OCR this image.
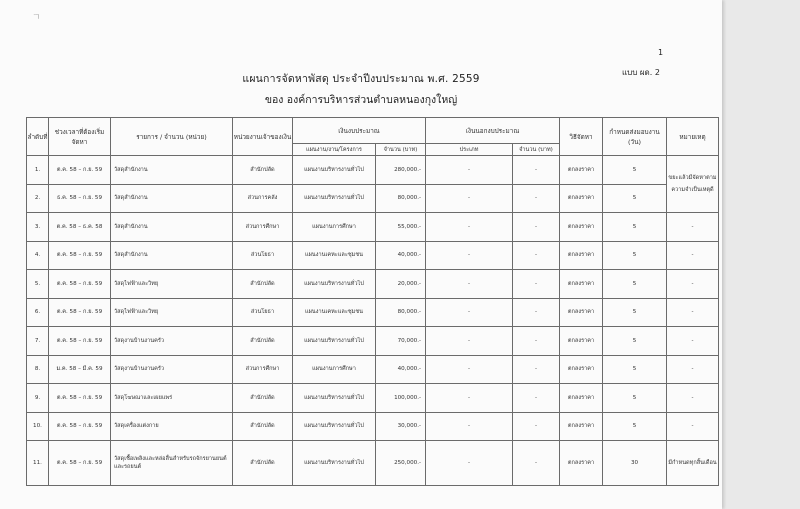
ㄱ
1
แบบ ผด. 2
แผนการจัดหาพัสดุ ประจำปีงบประมาณ พ.ศ. 2559
ของ องค์การบริหารส่วนตำบลหนองกุงใหญ่
ลำดับที่	ช่วงเวลาที่ต้องเริ่มจัดหา	รายการ / จำนวน (หน่วย)	หน่วยงานเจ้าของเงิน	เงินงบประมาณ		เงินนอกงบประมาณ		วิธีจัดหา	กำหนดส่งมอบงาน (วัน)	หมายเหตุ
				แผนงาน/งาน/โครงการ	จำนวน (บาท)	ประเภท	จำนวน (บาท)			
1.	ต.ค. 58 – ก.ย. 59	วัสดุสำนักงาน	สำนักปลัด	แผนงานบริหารงานทั่วไป	280,000.-	-	-	ตกลงราคา	5	ขยะแล้วมีจัดหาตามความจำเป็นเหตุดี
2.	ธ.ค. 58 – ก.ย. 59	วัสดุสำนักงาน	ส่วนการคลัง	แผนงานบริหารงานทั่วไป	80,000.-	-	-	ตกลงราคา	5	
3.	ต.ค. 58 – ธ.ค. 58	วัสดุสำนักงาน	ส่วนการศึกษา	แผนงานการศึกษา	55,000.-	-	-	ตกลงราคา	5	-
4.	ต.ค. 58 – ก.ย. 59	วัสดุสำนักงาน	ส่วนโยธา	แผนงานเคหะและชุมชน	40,000.-	-	-	ตกลงราคา	5	-
5.	ต.ค. 58 – ก.ย. 59	วัสดุไฟฟ้าและวิทยุ	สำนักปลัด	แผนงานบริหารงานทั่วไป	20,000.-	-	-	ตกลงราคา	5	-
6.	ต.ค. 58 – ก.ย. 59	วัสดุไฟฟ้าและวิทยุ	ส่วนโยธา	แผนงานเคหะและชุมชน	80,000.-	-	-	ตกลงราคา	5	-
7.	ต.ค. 58 – ก.ย. 59	วัสดุงานบ้านงานครัว	สำนักปลัด	แผนงานบริหารงานทั่วไป	70,000.-	-	-	ตกลงราคา	5	-
8.	ม.ค. 58 – มี.ค. 59	วัสดุงานบ้านงานครัว	ส่วนการศึกษา	แผนงานการศึกษา	40,000.-	-	-	ตกลงราคา	5	-
9.	ต.ค. 58 – ก.ย. 59	วัสดุโฆษณาและเผยแพร่	สำนักปลัด	แผนงานบริหารงานทั่วไป	100,000.-	-	-	ตกลงราคา	5	-
10.	ต.ค. 58 – ก.ย. 59	วัสดุเครื่องแต่งกาย	สำนักปลัด	แผนงานบริหารงานทั่วไป	30,000.-	-	-	ตกลงราคา	5	-
11.	ต.ค. 58 – ก.ย. 59	วัสดุเชื้อเพลิงและหล่อลื่นสำหรับรถจักรยานยนต์และรถยนต์	สำนักปลัด	แผนงานบริหารงานทั่วไป	250,000.-	-	-	ตกลงราคา	30	มีกำหนดทุกสิ้นเดือน
